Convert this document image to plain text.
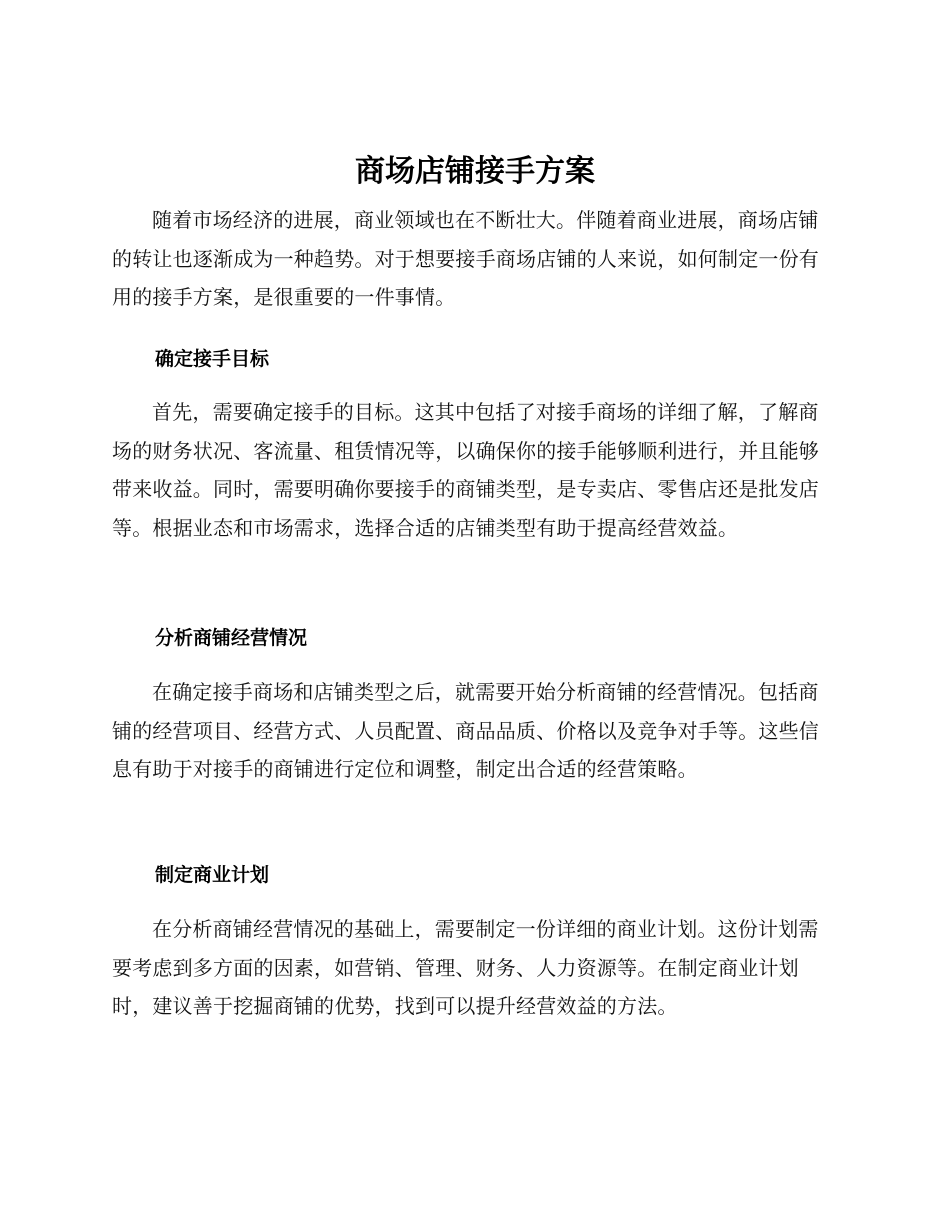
商场店铺接手方案

随着市场经济的进展，商业领域也在不断壮大。伴随着商业进展，商场店铺的转让也逐渐成为一种趋势。对于想要接手商场店铺的人来说，如何制定一份有用的接手方案，是很重要的一件事情。

确定接手目标

首先，需要确定接手的目标。这其中包括了对接手商场的详细了解，了解商场的财务状况、客流量、租赁情况等，以确保你的接手能够顺利进行，并且能够带来收益。同时，需要明确你要接手的商铺类型，是专卖店、零售店还是批发店等。根据业态和市场需求，选择合适的店铺类型有助于提高经营效益。

分析商铺经营情况

在确定接手商场和店铺类型之后，就需要开始分析商铺的经营情况。包括商铺的经营项目、经营方式、人员配置、商品品质、价格以及竞争对手等。这些信息有助于对接手的商铺进行定位和调整，制定出合适的经营策略。

制定商业计划

在分析商铺经营情况的基础上，需要制定一份详细的商业计划。这份计划需要考虑到多方面的因素，如营销、管理、财务、人力资源等。在制定商业计划时，建议善于挖掘商铺的优势，找到可以提升经营效益的方法。
